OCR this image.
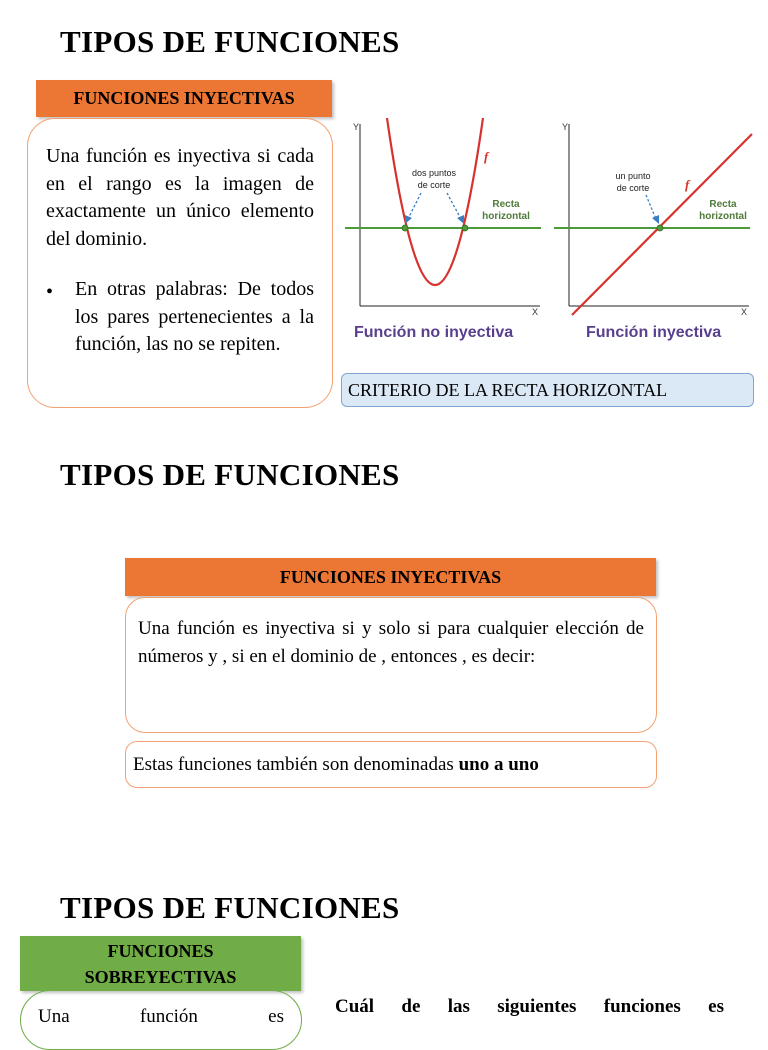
TIPOS DE FUNCIONES
FUNCIONES INYECTIVAS
Una función es inyectiva si cada en el rango es la imagen de exactamente un único elemento del dominio.
• En otras palabras: De todos los pares pertenecientes a la función, las no se repiten.
Y
X
f
dos puntos
de corte
Recta
horizontal
Función no inyectiva
Y
X
f
un punto
de corte
Recta
horizontal
Función inyectiva
CRITERIO DE LA RECTA HORIZONTAL
TIPOS DE FUNCIONES
FUNCIONES INYECTIVAS
Una función es inyectiva si y solo si para cualquier elección de números y , si en el dominio de , entonces , es decir:
Estas funciones también son denominadas uno a uno
TIPOS DE FUNCIONES
FUNCIONES
SOBREYECTIVAS
Una función es	Cuál de las siguientes funciones es
